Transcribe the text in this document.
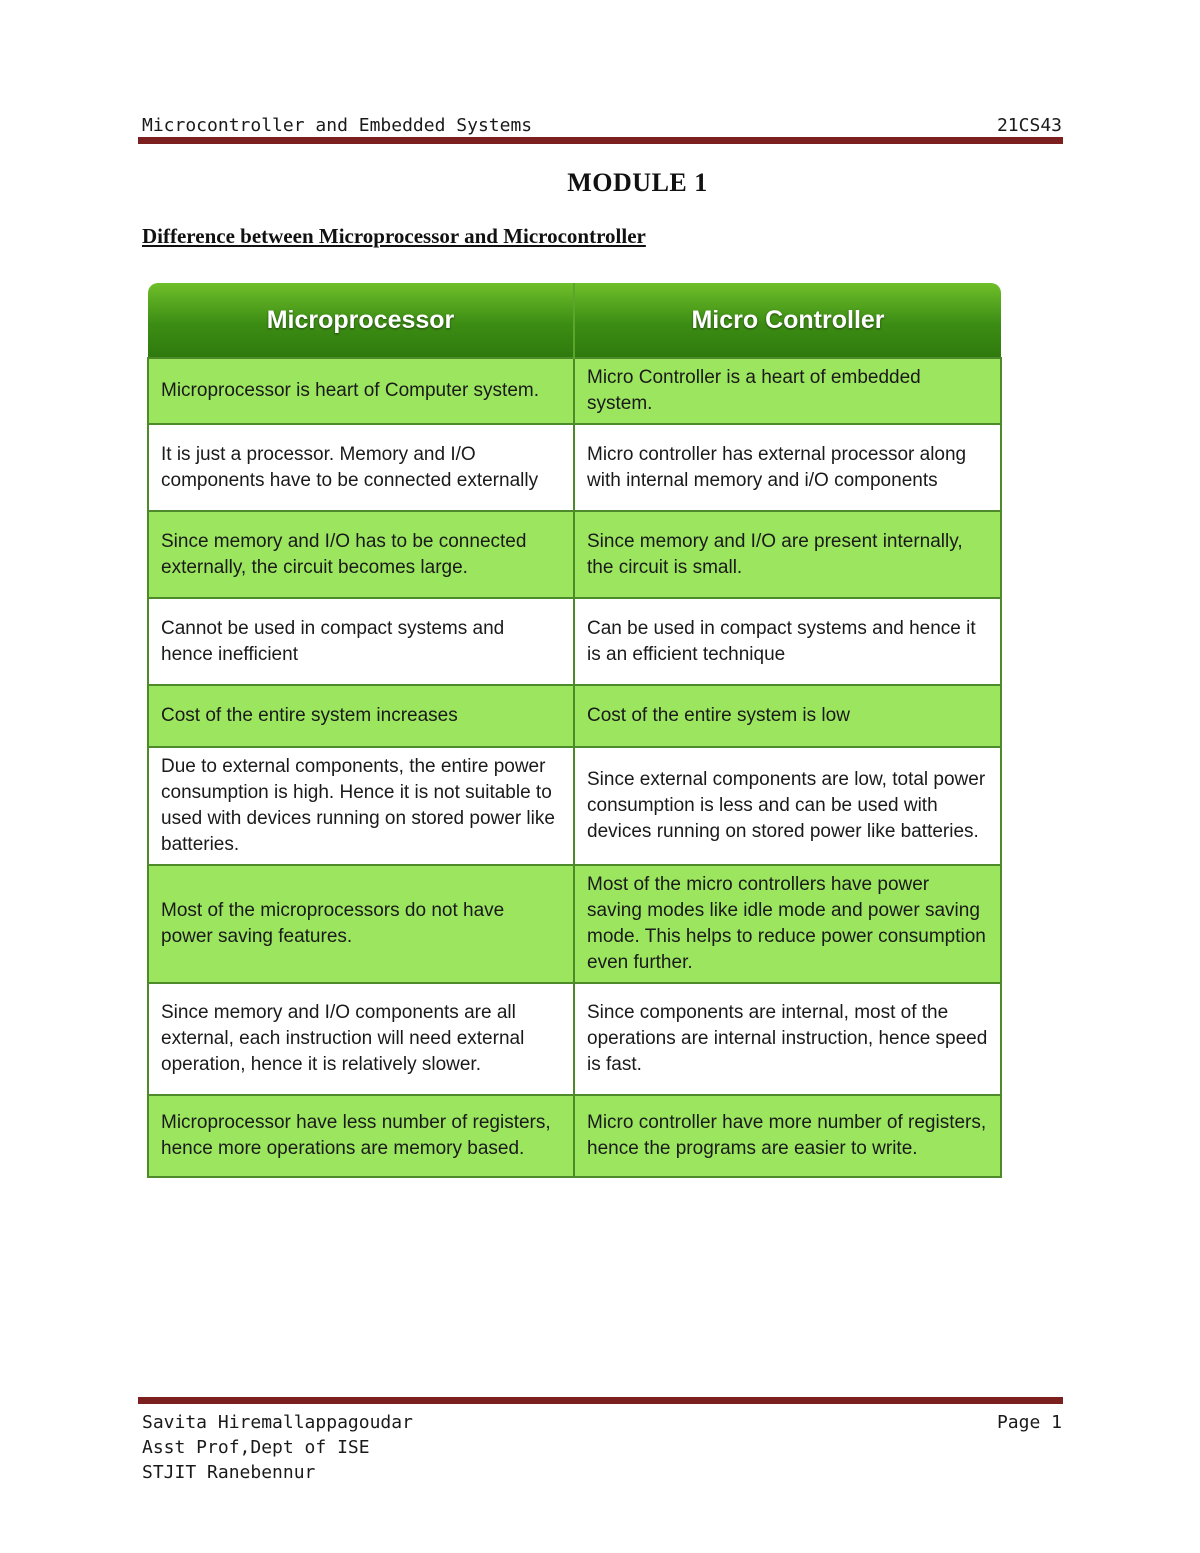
Microcontroller and Embedded Systems	21CS43
MODULE 1
Difference between Microprocessor and Microcontroller
Microprocessor	Micro Controller
Microprocessor is heart of Computer system.	Micro Controller is a heart of embedded system.
It is just a processor. Memory and I/O components have to be connected externally	Micro controller has external processor along with internal memory and i/O components
Since memory and I/O has to be connected externally, the circuit becomes large.	Since memory and I/O are present internally, the circuit is small.
Cannot be used in compact systems and hence inefficient	Can be used in compact systems and hence it is an efficient technique
Cost of the entire system increases	Cost of the entire system is low
Due to external components, the entire power consumption is high. Hence it is not suitable to used with devices running on stored power like batteries.	Since external components are low, total power consumption is less and can be used with devices running on stored power like batteries.
Most of the microprocessors do not have power saving features.	Most of the micro controllers have power saving modes like idle mode and power saving mode. This helps to reduce power consumption even further.
Since memory and I/O components are all external, each instruction will need external operation, hence it is relatively slower.	Since components are internal, most of the operations are internal instruction, hence speed is fast.
Microprocessor have less number of registers, hence more operations are memory based.	Micro controller have more number of registers, hence the programs are easier to write.
Savita Hiremallappagoudar
Asst Prof,Dept of ISE
STJIT Ranebennur
Page 1
